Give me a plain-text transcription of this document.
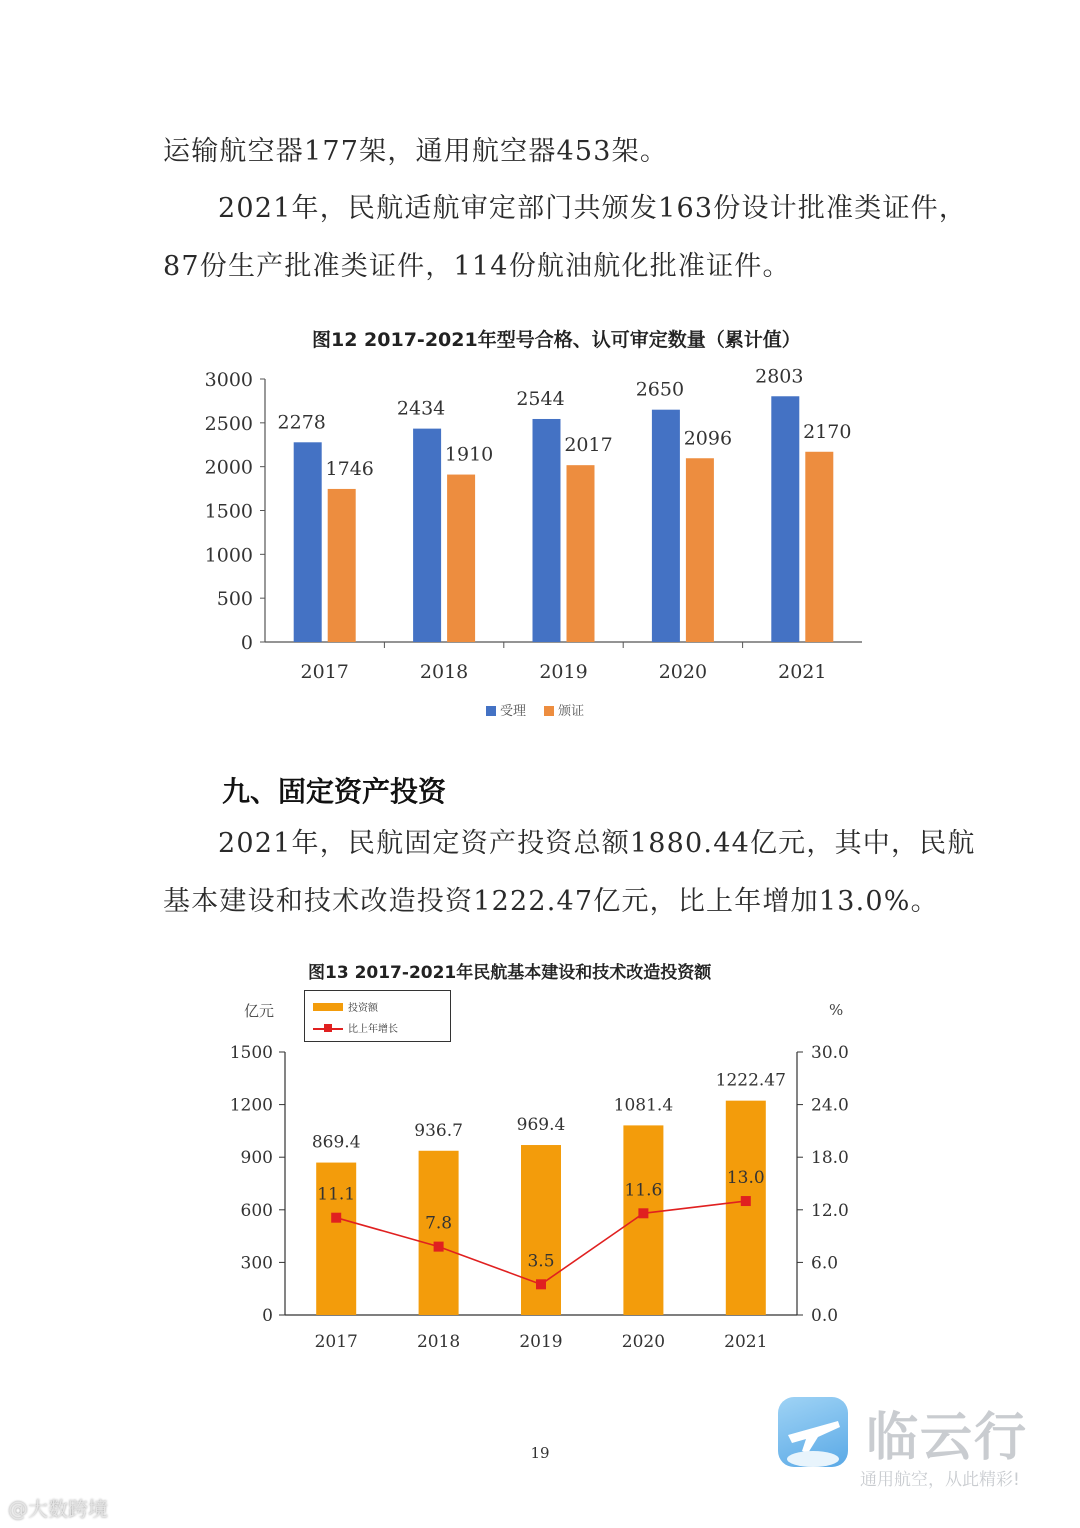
运输航空器177架，通用航空器453架。
2021年，民航适航审定部门共颁发163份设计批准类证件，
87份生产批准类证件，114份航油航化批准证件。
图12 2017-2021年型号合格、认可审定数量（累计值）
0
500
1000
1500
2000
2500
3000
2017
2278
1746
2018
2434
1910
2019
2544
2017
2020
2650
2096
2021
2803
2170
受理 颁证
九、固定资产投资
2021年，民航固定资产投资总额1880.44亿元，其中，民航
基本建设和技术改造投资1222.47亿元，比上年增加13.0%。
图13 2017-2021年民航基本建设和技术改造投资额
亿元	%
0
300
600
900
1200
1500
0.0
6.0
12.0
18.0
24.0
30.0
2017
869.4
2018
936.7
2019
969.4
2020
1081.4
2021
1222.47
11.1
7.8
3.5
11.6
13.0
投资额
比上年增长
19	临云行
通用航空，从此精彩!
@大数跨境
